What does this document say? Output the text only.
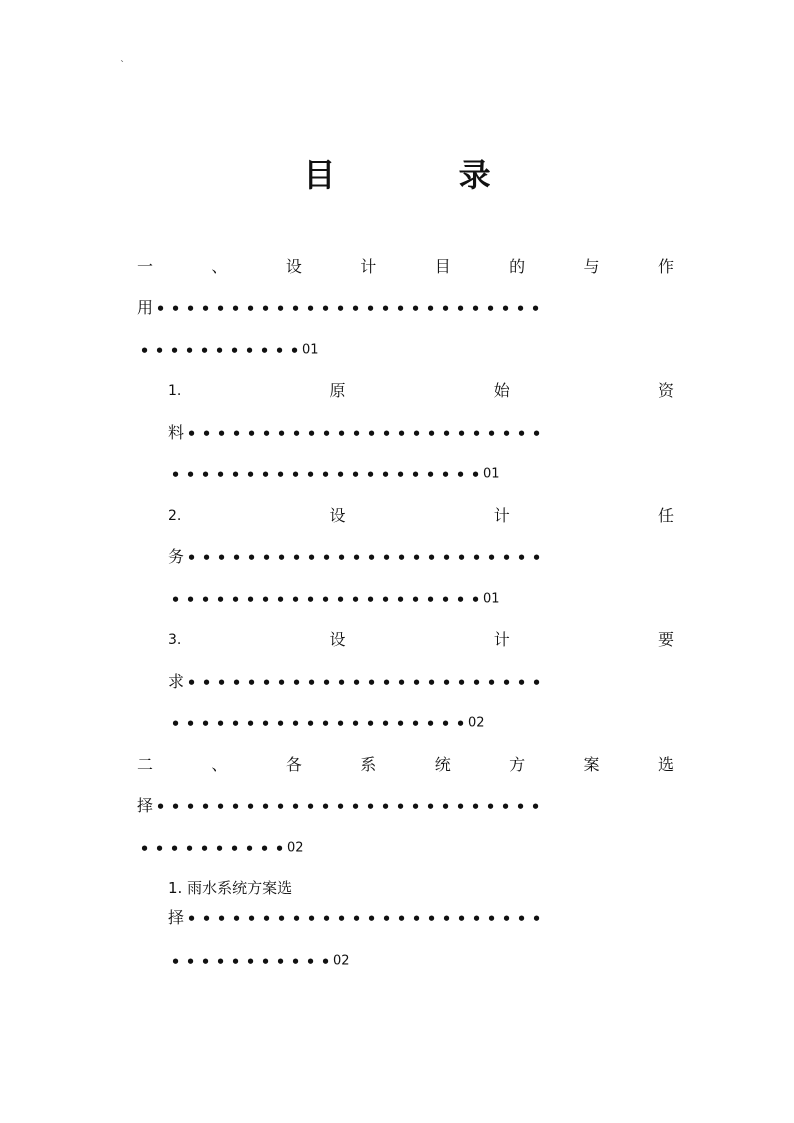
`
目 录
一	、	设	计	目	的	与	作
用 • • • • • • • • • • • • • • • • • • • • • • • • • •
• • • • • • • • • • • 01
1.	原	始	资
料 • • • • • • • • • • • • • • • • • • • • • • • •
• • • • • • • • • • • • • • • • • • • • • 01
2.	设	计	任
务 • • • • • • • • • • • • • • • • • • • • • • • •
• • • • • • • • • • • • • • • • • • • • • 01
3.	设	计	要
求 • • • • • • • • • • • • • • • • • • • • • • • •
• • • • • • • • • • • • • • • • • • • • 02
二	、	各	系	统	方	案	选
择 • • • • • • • • • • • • • • • • • • • • • • • • • •
• • • • • • • • • • 02
1. 雨水系统方案选
择 • • • • • • • • • • • • • • • • • • • • • • • •
• • • • • • • • • • • 02
